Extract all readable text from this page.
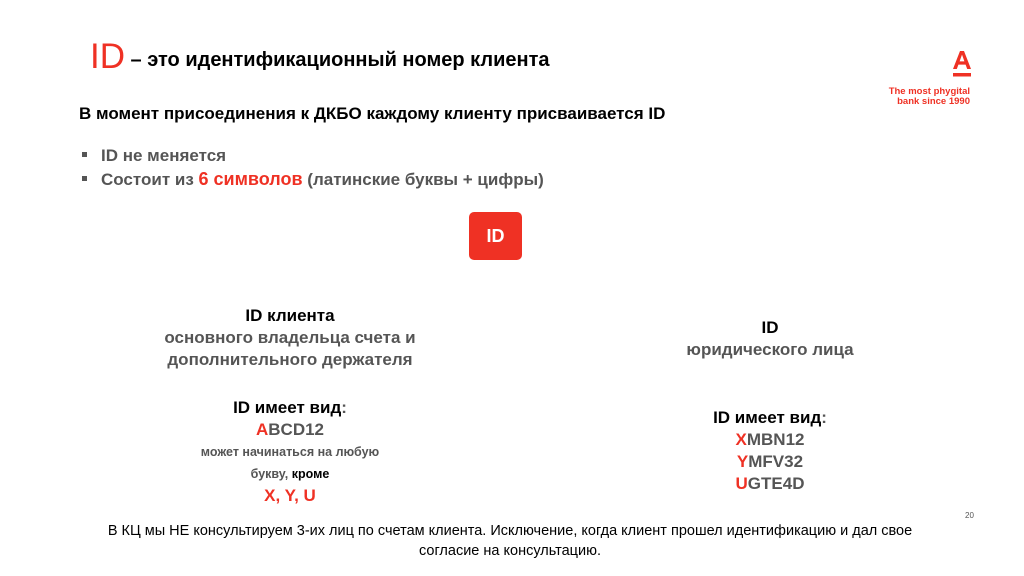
ID – это идентификационный номер клиента
The most phygital
bank since 1990
В момент присоединения к ДКБО каждому клиенту присваивается ID
ID не меняется
Состоит из 6 символов (латинские буквы + цифры)
ID
ID клиента
основного владельца счета и
дополнительного держателя
ID имеет вид:
ABCD12
может начинаться на любую
букву, кроме
X, Y, U
ID
юридического лица
ID имеет вид:
XMBN12
YMFV32
UGTE4D
20
В КЦ мы НЕ консультируем 3-их лиц по счетам клиента. Исключение, когда клиент прошел идентификацию и дал свое
согласие на консультацию.
